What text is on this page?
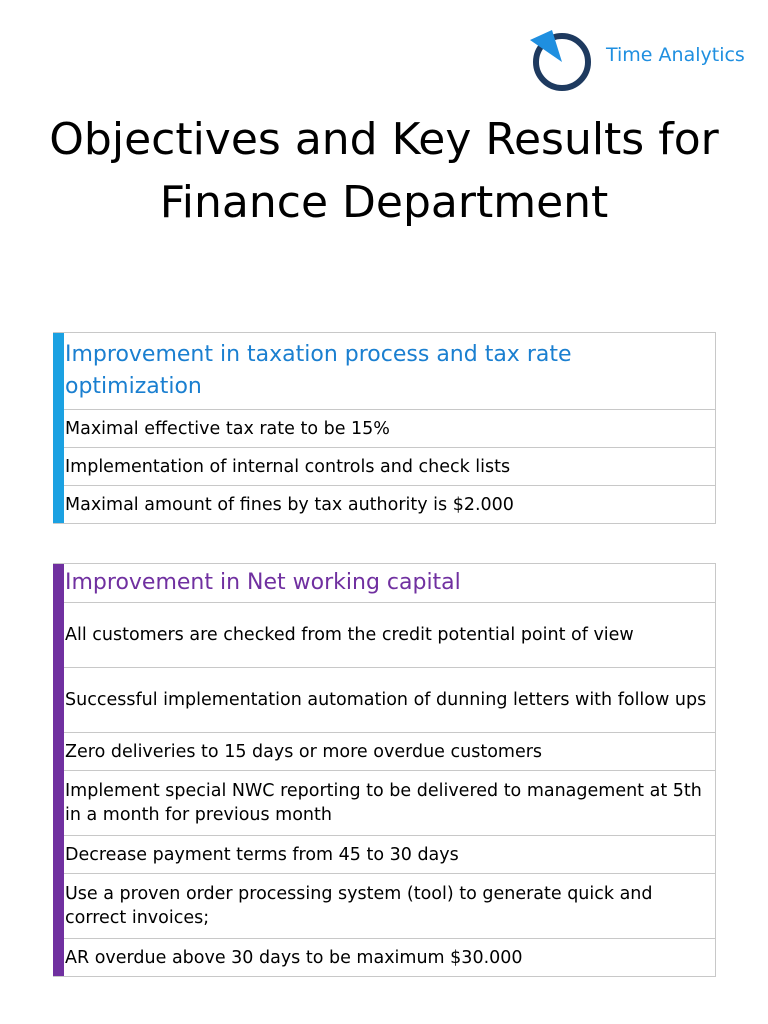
Time Analytics
Objectives and Key Results for Finance Department
Improvement in taxation process and tax rate optimization
Maximal effective tax rate to be 15%
Implementation of internal controls and check lists
Maximal amount of fines by tax authority is $2.000
Improvement in Net working capital
All customers are checked from the credit potential point of view
Successful implementation automation of dunning letters with follow ups
Zero deliveries to 15 days or more overdue customers
Implement special NWC reporting to be delivered to management at 5th in a month for previous month
Decrease payment terms from 45 to 30 days
Use a proven order processing system (tool) to generate quick and correct invoices;
AR overdue above 30 days to be maximum $30.000
